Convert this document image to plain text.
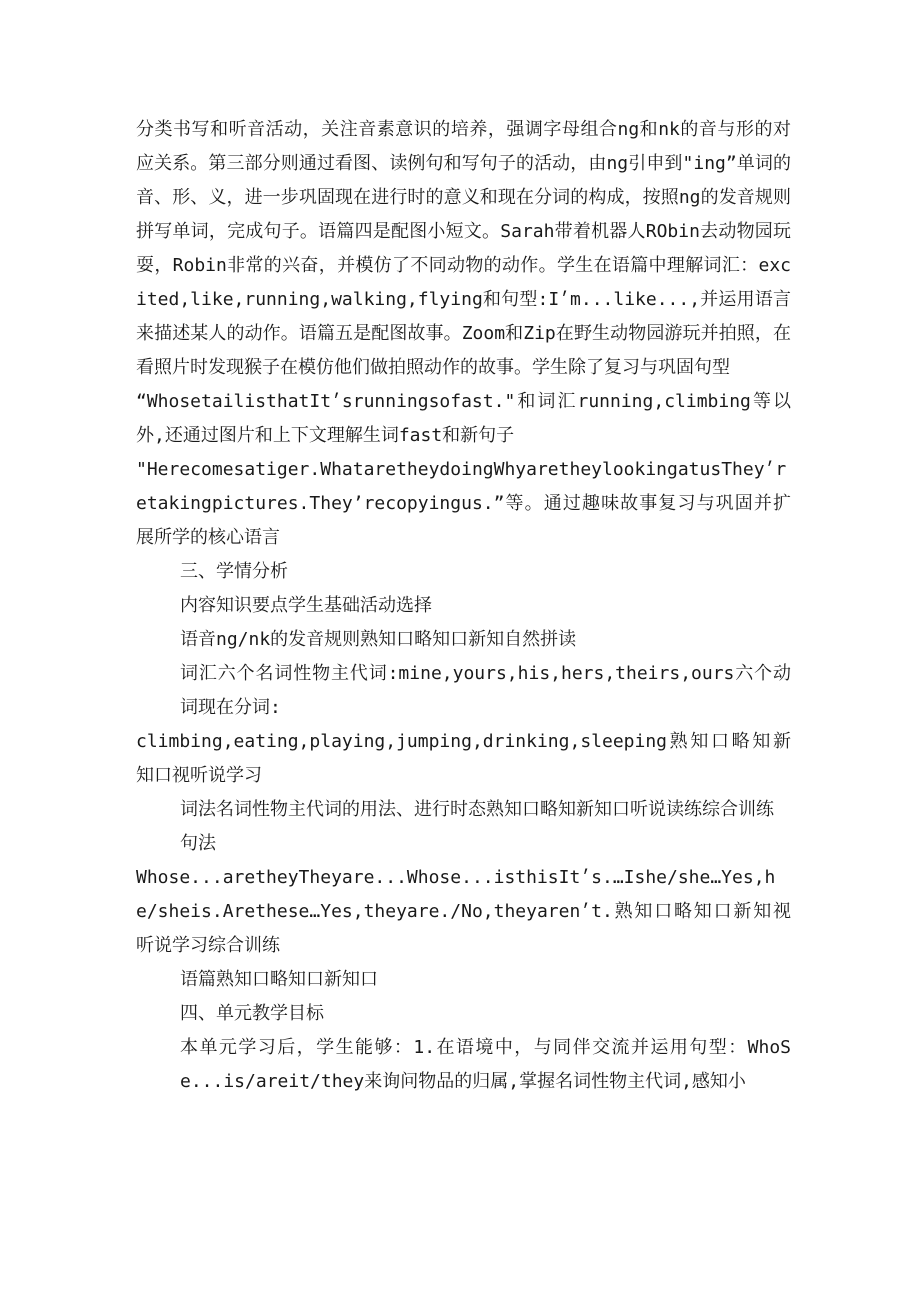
分类书写和听音活动，关注音素意识的培养，强调字母组合ng和nk的音与形的对应关系。第三部分则通过看图、读例句和写句子的活动，由ng引申到"ing”单词的音、形、义，进一步巩固现在进行时的意义和现在分词的构成，按照ng的发音规则拼写单词，完成句子。语篇四是配图小短文。Sarah带着机器人RObin去动物园玩耍，Robin非常的兴奋，并模仿了不同动物的动作。学生在语篇中理解词汇：excited,like,running,walking,flying和句型:I׳m...like...,并运用语言来描述某人的动作。语篇五是配图故事。Zoom和Zip在野生动物园游玩并拍照，在看照片时发现猴子在模仿他们做拍照动作的故事。学生除了复习与巩固句型

“WhosetailisthatIt׳srunningsofast."和词汇running,climbing等以外,还通过图片和上下文理解生词fast和新句子

"Herecomesatiger.WhataretheydoingWhyaretheylookingatusThey׳retakingpictures.They’recopyingus.”等。通过趣味故事复习与巩固并扩展所学的核心语言

三、学情分析

内容知识要点学生基础活动选择

语音ng/nk的发音规则熟知口略知口新知自然拼读

词汇六个名词性物主代词:mine,yours,his,hers,theirs,ours六个动词现在分词:

climbing,eating,playing,jumping,drinking,sleeping熟知口略知新知口视听说学习

词法名词性物主代词的用法、进行时态熟知口略知新知口听说读练综合训练

句法

Whose...aretheyTheyare...Whose...isthisIt׳s.…Ishe/she…Yes,he/sheis.Arethese…Yes,theyare./No,theyaren׳t.熟知口略知口新知视听说学习综合训练

语篇熟知口略知口新知口

四、单元教学目标

本单元学习后，学生能够：1.在语境中，与同伴交流并运用句型：WhoSe...is/areit/they来询问物品的归属,掌握名词性物主代词,感知小
